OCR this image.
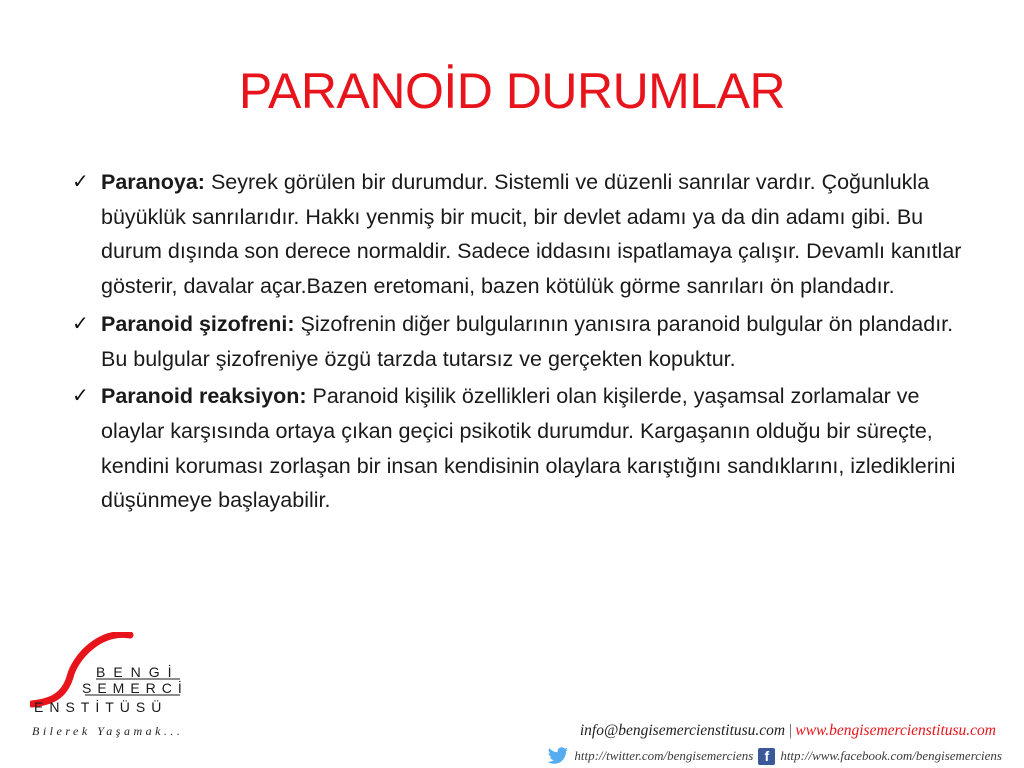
PARANOİD DURUMLAR
✓ Paranoya: Seyrek görülen bir durumdur. Sistemli ve düzenli sanrılar vardır. Çoğunlukla büyüklük sanrılarıdır. Hakkı yenmiş bir mucit, bir devlet adamı ya da din adamı gibi. Bu durum dışında son derece normaldir. Sadece iddasını ispatlamaya çalışır. Devamlı kanıtlar gösterir, davalar açar.Bazen eretomani, bazen kötülük görme sanrıları ön plandadır.
✓ Paranoid şizofreni: Şizofrenin diğer bulgularının yanısıra paranoid bulgular ön plandadır. Bu bulgular şizofreniye özgü tarzda tutarsız ve gerçekten kopuktur.
✓ Paranoid reaksiyon: Paranoid kişilik özellikleri olan kişilerde, yaşamsal zorlamalar ve olaylar karşısında ortaya çıkan geçici psikotik durumdur. Kargaşanın olduğu bir süreçte, kendini koruması zorlaşan bir insan kendisinin olaylara karıştığını sandıklarını, izlediklerini düşünmeye başlayabilir.
BENGİ
SEMERCİ
ENSTİTÜSÜ
Bilerek Yaşamak...	info@bengisemercienstitusu.com | www.bengisemercienstitusu.com
http://twitter.com/bengisemerciens f http://www.facebook.com/bengisemerciens
